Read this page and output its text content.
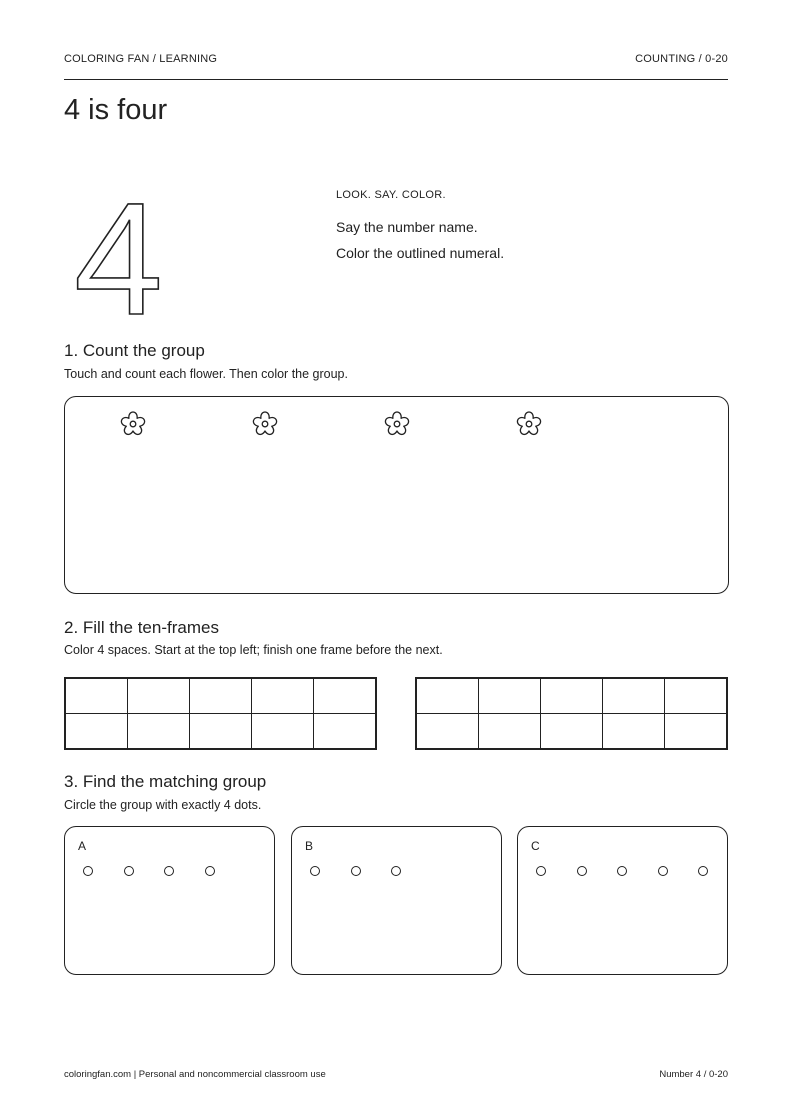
COLORING FAN / LEARNING	COUNTING / 0-20
4 is four
4	LOOK. SAY. COLOR.
Say the number name.
Color the outlined numeral.
1. Count the group
Touch and count each flower. Then color the group.
2. Fill the ten-frames
Color 4 spaces. Start at the top left; finish one frame before the next.

3. Find the matching group
Circle the group with exactly 4 dots.
A	B	C
coloringfan.com | Personal and noncommercial classroom use	Number 4 / 0-20
